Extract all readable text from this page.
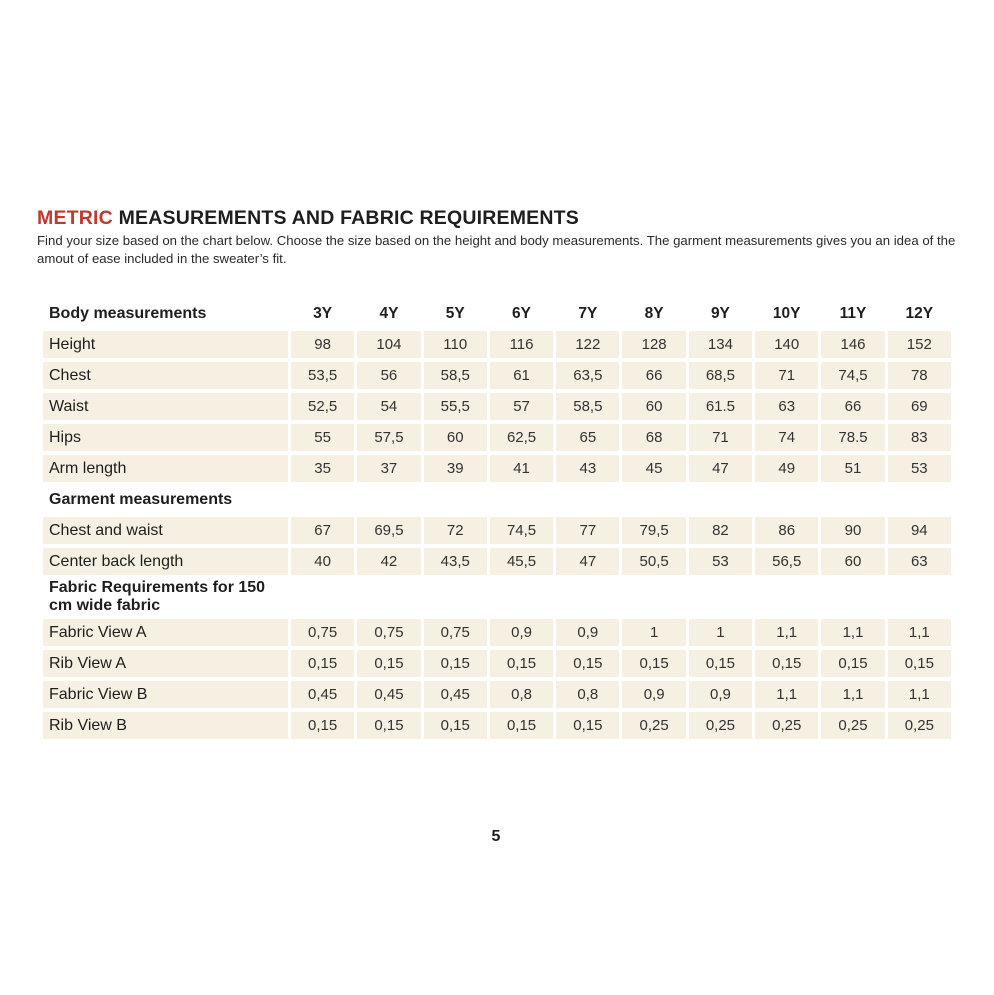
METRIC MEASUREMENTS AND FABRIC REQUIREMENTS

Find your size based on the chart below. Choose the size based on the height and body measurements. The garment measurements gives you an idea of the amout of ease included in the sweater’s fit.

Body measurements	3Y	4Y	5Y	6Y	7Y	8Y	9Y	10Y	11Y	12Y
Height	98	104	110	116	122	128	134	140	146	152
Chest	53,5	56	58,5	61	63,5	66	68,5	71	74,5	78
Waist	52,5	54	55,5	57	58,5	60	61.5	63	66	69
Hips	55	57,5	60	62,5	65	68	71	74	78.5	83
Arm length	35	37	39	41	43	45	47	49	51	53
Garment measurements										
Chest and waist	67	69,5	72	74,5	77	79,5	82	86	90	94
Center back length	40	42	43,5	45,5	47	50,5	53	56,5	60	63
Fabric Requirements for 150 cm wide fabric										
Fabric View A	0,75	0,75	0,75	0,9	0,9	1	1	1,1	1,1	1,1
Rib View A	0,15	0,15	0,15	0,15	0,15	0,15	0,15	0,15	0,15	0,15
Fabric View B	0,45	0,45	0,45	0,8	0,8	0,9	0,9	1,1	1,1	1,1
Rib View B	0,15	0,15	0,15	0,15	0,15	0,25	0,25	0,25	0,25	0,25

5
